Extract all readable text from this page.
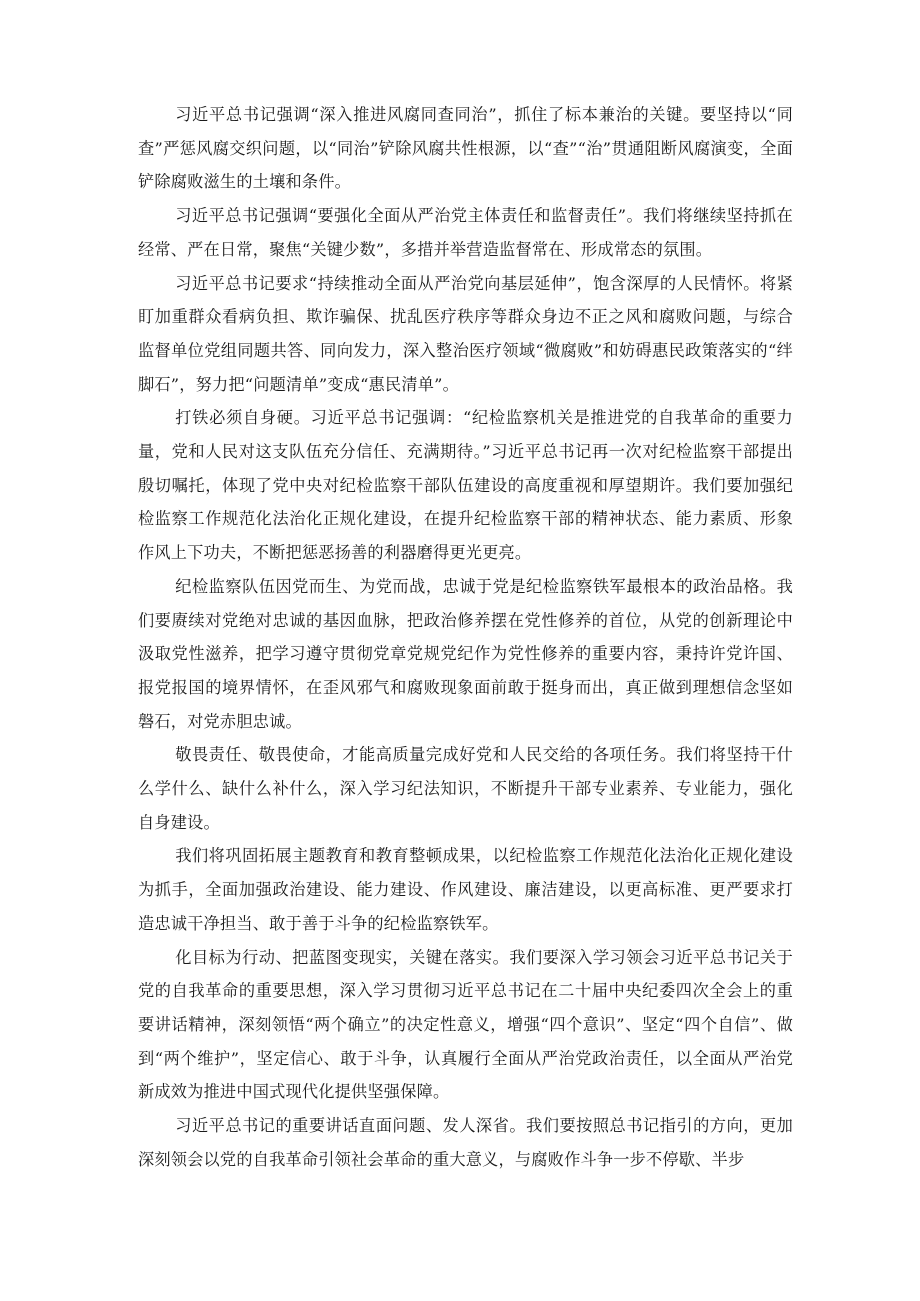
习近平总书记强调“深入推进风腐同查同治”，抓住了标本兼治的关键。要坚持以“同查”严惩风腐交织问题，以“同治”铲除风腐共性根源，以“查”“治”贯通阻断风腐演变，全面铲除腐败滋生的土壤和条件。

习近平总书记强调“要强化全面从严治党主体责任和监督责任”。我们将继续坚持抓在经常、严在日常，聚焦“关键少数”，多措并举营造监督常在、形成常态的氛围。

习近平总书记要求“持续推动全面从严治党向基层延伸”，饱含深厚的人民情怀。将紧盯加重群众看病负担、欺诈骗保、扰乱医疗秩序等群众身边不正之风和腐败问题，与综合监督单位党组同题共答、同向发力，深入整治医疗领域“微腐败”和妨碍惠民政策落实的“绊脚石”，努力把“问题清单”变成“惠民清单”。

打铁必须自身硬。习近平总书记强调：“纪检监察机关是推进党的自我革命的重要力量，党和人民对这支队伍充分信任、充满期待。”习近平总书记再一次对纪检监察干部提出殷切嘱托，体现了党中央对纪检监察干部队伍建设的高度重视和厚望期许。我们要加强纪检监察工作规范化法治化正规化建设，在提升纪检监察干部的精神状态、能力素质、形象作风上下功夫，不断把惩恶扬善的利器磨得更光更亮。

纪检监察队伍因党而生、为党而战，忠诚于党是纪检监察铁军最根本的政治品格。我们要赓续对党绝对忠诚的基因血脉，把政治修养摆在党性修养的首位，从党的创新理论中汲取党性滋养，把学习遵守贯彻党章党规党纪作为党性修养的重要内容，秉持许党许国、报党报国的境界情怀，在歪风邪气和腐败现象面前敢于挺身而出，真正做到理想信念坚如磐石，对党赤胆忠诚。

敬畏责任、敬畏使命，才能高质量完成好党和人民交给的各项任务。我们将坚持干什么学什么、缺什么补什么，深入学习纪法知识，不断提升干部专业素养、专业能力，强化自身建设。

我们将巩固拓展主题教育和教育整顿成果，以纪检监察工作规范化法治化正规化建设为抓手，全面加强政治建设、能力建设、作风建设、廉洁建设，以更高标准、更严要求打造忠诚干净担当、敢于善于斗争的纪检监察铁军。

化目标为行动、把蓝图变现实，关键在落实。我们要深入学习领会习近平总书记关于党的自我革命的重要思想，深入学习贯彻习近平总书记在二十届中央纪委四次全会上的重要讲话精神，深刻领悟“两个确立”的决定性意义，增强“四个意识”、坚定“四个自信”、做到“两个维护”，坚定信心、敢于斗争，认真履行全面从严治党政治责任，以全面从严治党新成效为推进中国式现代化提供坚强保障。

习近平总书记的重要讲话直面问题、发人深省。我们要按照总书记指引的方向，更加深刻领会以党的自我革命引领社会革命的重大意义，与腐败作斗争一步不停歇、半步
